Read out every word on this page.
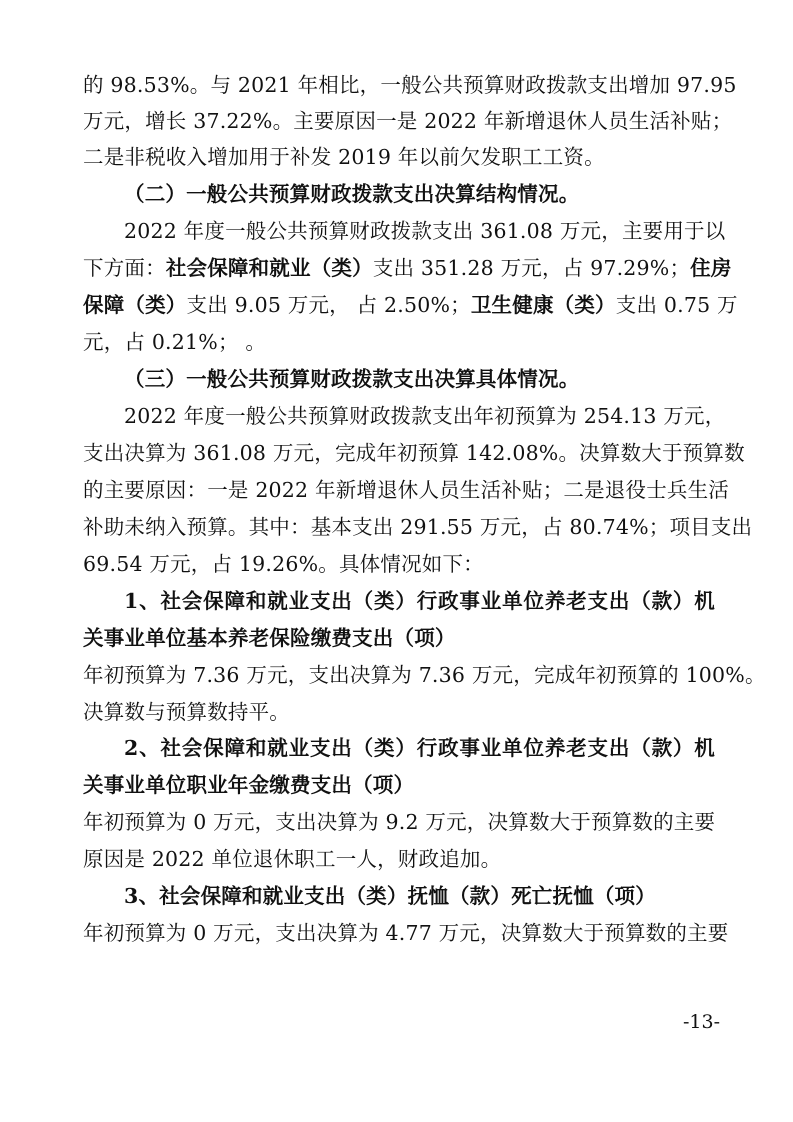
的 98.53%。与 2021 年相比，一般公共预算财政拨款支出增加 97.95
万元，增长 37.22%。主要原因一是 2022 年新增退休人员生活补贴；
二是非税收入增加用于补发 2019 年以前欠发职工工资。
（二）一般公共预算财政拨款支出决算结构情况。
2022 年度一般公共预算财政拨款支出 361.08 万元，主要用于以
下方面：社会保障和就业（类）支出 351.28 万元，占 97.29%；住房
保障（类）支出 9.05 万元， 占 2.50%；卫生健康（类）支出 0.75 万
元，占 0.21%； 。
（三）一般公共预算财政拨款支出决算具体情况。
2022 年度一般公共预算财政拨款支出年初预算为 254.13 万元，
支出决算为 361.08 万元，完成年初预算 142.08%。决算数大于预算数
的主要原因：一是 2022 年新增退休人员生活补贴；二是退役士兵生活
补助未纳入预算。其中：基本支出 291.55 万元，占 80.74%；项目支出
69.54 万元，占 19.26%。具体情况如下：
1、社会保障和就业支出（类）行政事业单位养老支出（款）机
关事业单位基本养老保险缴费支出（项）
年初预算为 7.36 万元，支出决算为 7.36 万元，完成年初预算的 100%。
决算数与预算数持平。
2、社会保障和就业支出（类）行政事业单位养老支出（款）机
关事业单位职业年金缴费支出（项）
年初预算为 0 万元，支出决算为 9.2 万元，决算数大于预算数的主要
原因是 2022 单位退休职工一人，财政追加。
3、社会保障和就业支出（类）抚恤（款）死亡抚恤（项）
年初预算为 0 万元，支出决算为 4.77 万元，决算数大于预算数的主要
-13-
